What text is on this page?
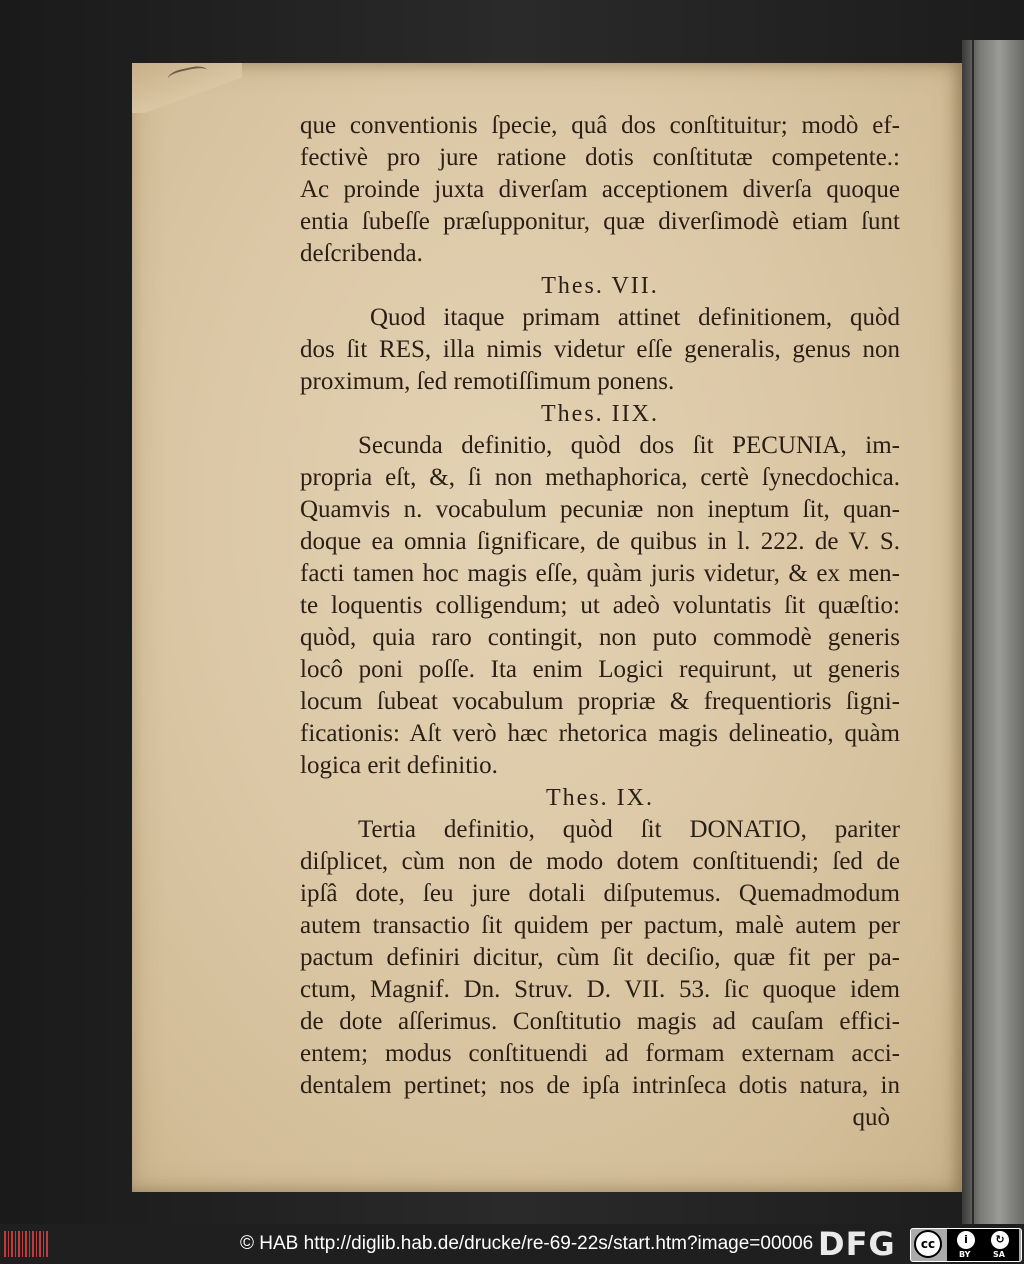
que conventionis ſpecie, quâ dos conſtituitur; modò ef-
fectivè pro jure ratione dotis conſtitutæ competente.:
Ac proinde juxta diverſam acceptionem diverſa quoque
entia ſubeſſe præſupponitur, quæ diverſimodè etiam ſunt
deſcribenda.
Thes. VII.
Quod itaque primam attinet definitionem, quòd
dos ſit RES, illa nimis videtur eſſe generalis, genus non
proximum, ſed remotiſſimum ponens.
Thes. IIX.
Secunda definitio, quòd dos ſit PECUNIA, im-
propria eſt, &, ſi non methaphorica, certè ſynecdochica.
Quamvis n. vocabulum pecuniæ non ineptum ſit, quan-
doque ea omnia ſignificare, de quibus in l. 222. de V. S.
facti tamen hoc magis eſſe, quàm juris videtur, & ex men-
te loquentis colligendum; ut adeò voluntatis ſit quæſtio:
quòd, quia raro contingit, non puto commodè generis
locô poni poſſe. Ita enim Logici requirunt, ut generis
locum ſubeat vocabulum propriæ & frequentioris ſigni-
ficationis: Aſt verò hæc rhetorica magis delineatio, quàm
logica erit definitio.
Thes. IX.
Tertia definitio, quòd ſit DONATIO, pariter
diſplicet, cùm non de modo dotem conſtituendi; ſed de
ipſâ dote, ſeu jure dotali diſputemus. Quemadmodum
autem transactio ſit quidem per pactum, malè autem per
pactum definiri dicitur, cùm ſit deciſio, quæ fit per pa-
ctum, Magnif. Dn. Struv. D. VII. 53. ſic quoque idem
de dote aſſerimus. Conſtitutio magis ad cauſam effici-
entem; modus conſtituendi ad formam externam acci-
dentalem pertinet; nos de ipſa intrinſeca dotis natura, in
quò
© HAB http://diglib.hab.de/drucke/re-69-22s/start.htm?image=00006 DFG	cc	i	↻
BY	SA
